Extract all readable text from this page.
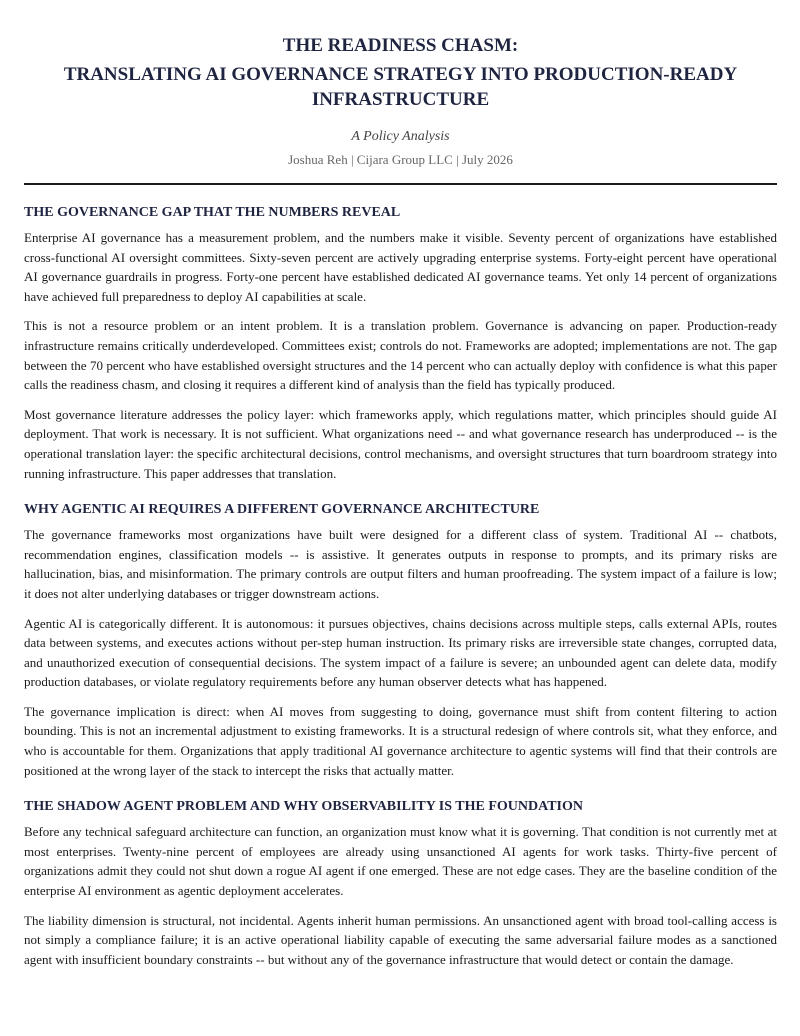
THE READINESS CHASM:
TRANSLATING AI GOVERNANCE STRATEGY INTO PRODUCTION-READY INFRASTRUCTURE
A Policy Analysis
Joshua Reh | Cijara Group LLC | July 2026
THE GOVERNANCE GAP THAT THE NUMBERS REVEAL

Enterprise AI governance has a measurement problem, and the numbers make it visible. Seventy percent of organizations have established cross-functional AI oversight committees. Sixty-seven percent are actively upgrading enterprise systems. Forty-eight percent have operational AI governance guardrails in progress. Forty-one percent have established dedicated AI governance teams. Yet only 14 percent of organizations have achieved full preparedness to deploy AI capabilities at scale.

This is not a resource problem or an intent problem. It is a translation problem. Governance is advancing on paper. Production-ready infrastructure remains critically underdeveloped. Committees exist; controls do not. Frameworks are adopted; implementations are not. The gap between the 70 percent who have established oversight structures and the 14 percent who can actually deploy with confidence is what this paper calls the readiness chasm, and closing it requires a different kind of analysis than the field has typically produced.

Most governance literature addresses the policy layer: which frameworks apply, which regulations matter, which principles should guide AI deployment. That work is necessary. It is not sufficient. What organizations need -- and what governance research has underproduced -- is the operational translation layer: the specific architectural decisions, control mechanisms, and oversight structures that turn boardroom strategy into running infrastructure. This paper addresses that translation.

WHY AGENTIC AI REQUIRES A DIFFERENT GOVERNANCE ARCHITECTURE

The governance frameworks most organizations have built were designed for a different class of system. Traditional AI -- chatbots, recommendation engines, classification models -- is assistive. It generates outputs in response to prompts, and its primary risks are hallucination, bias, and misinformation. The primary controls are output filters and human proofreading. The system impact of a failure is low; it does not alter underlying databases or trigger downstream actions.

Agentic AI is categorically different. It is autonomous: it pursues objectives, chains decisions across multiple steps, calls external APIs, routes data between systems, and executes actions without per-step human instruction. Its primary risks are irreversible state changes, corrupted data, and unauthorized execution of consequential decisions. The system impact of a failure is severe; an unbounded agent can delete data, modify production databases, or violate regulatory requirements before any human observer detects what has happened.

The governance implication is direct: when AI moves from suggesting to doing, governance must shift from content filtering to action bounding. This is not an incremental adjustment to existing frameworks. It is a structural redesign of where controls sit, what they enforce, and who is accountable for them. Organizations that apply traditional AI governance architecture to agentic systems will find that their controls are positioned at the wrong layer of the stack to intercept the risks that actually matter.

THE SHADOW AGENT PROBLEM AND WHY OBSERVABILITY IS THE FOUNDATION

Before any technical safeguard architecture can function, an organization must know what it is governing. That condition is not currently met at most enterprises. Twenty-nine percent of employees are already using unsanctioned AI agents for work tasks. Thirty-five percent of organizations admit they could not shut down a rogue AI agent if one emerged. These are not edge cases. They are the baseline condition of the enterprise AI environment as agentic deployment accelerates.

The liability dimension is structural, not incidental. Agents inherit human permissions. An unsanctioned agent with broad tool-calling access is not simply a compliance failure; it is an active operational liability capable of executing the same adversarial failure modes as a sanctioned agent with insufficient boundary constraints -- but without any of the governance infrastructure that would detect or contain the damage.
